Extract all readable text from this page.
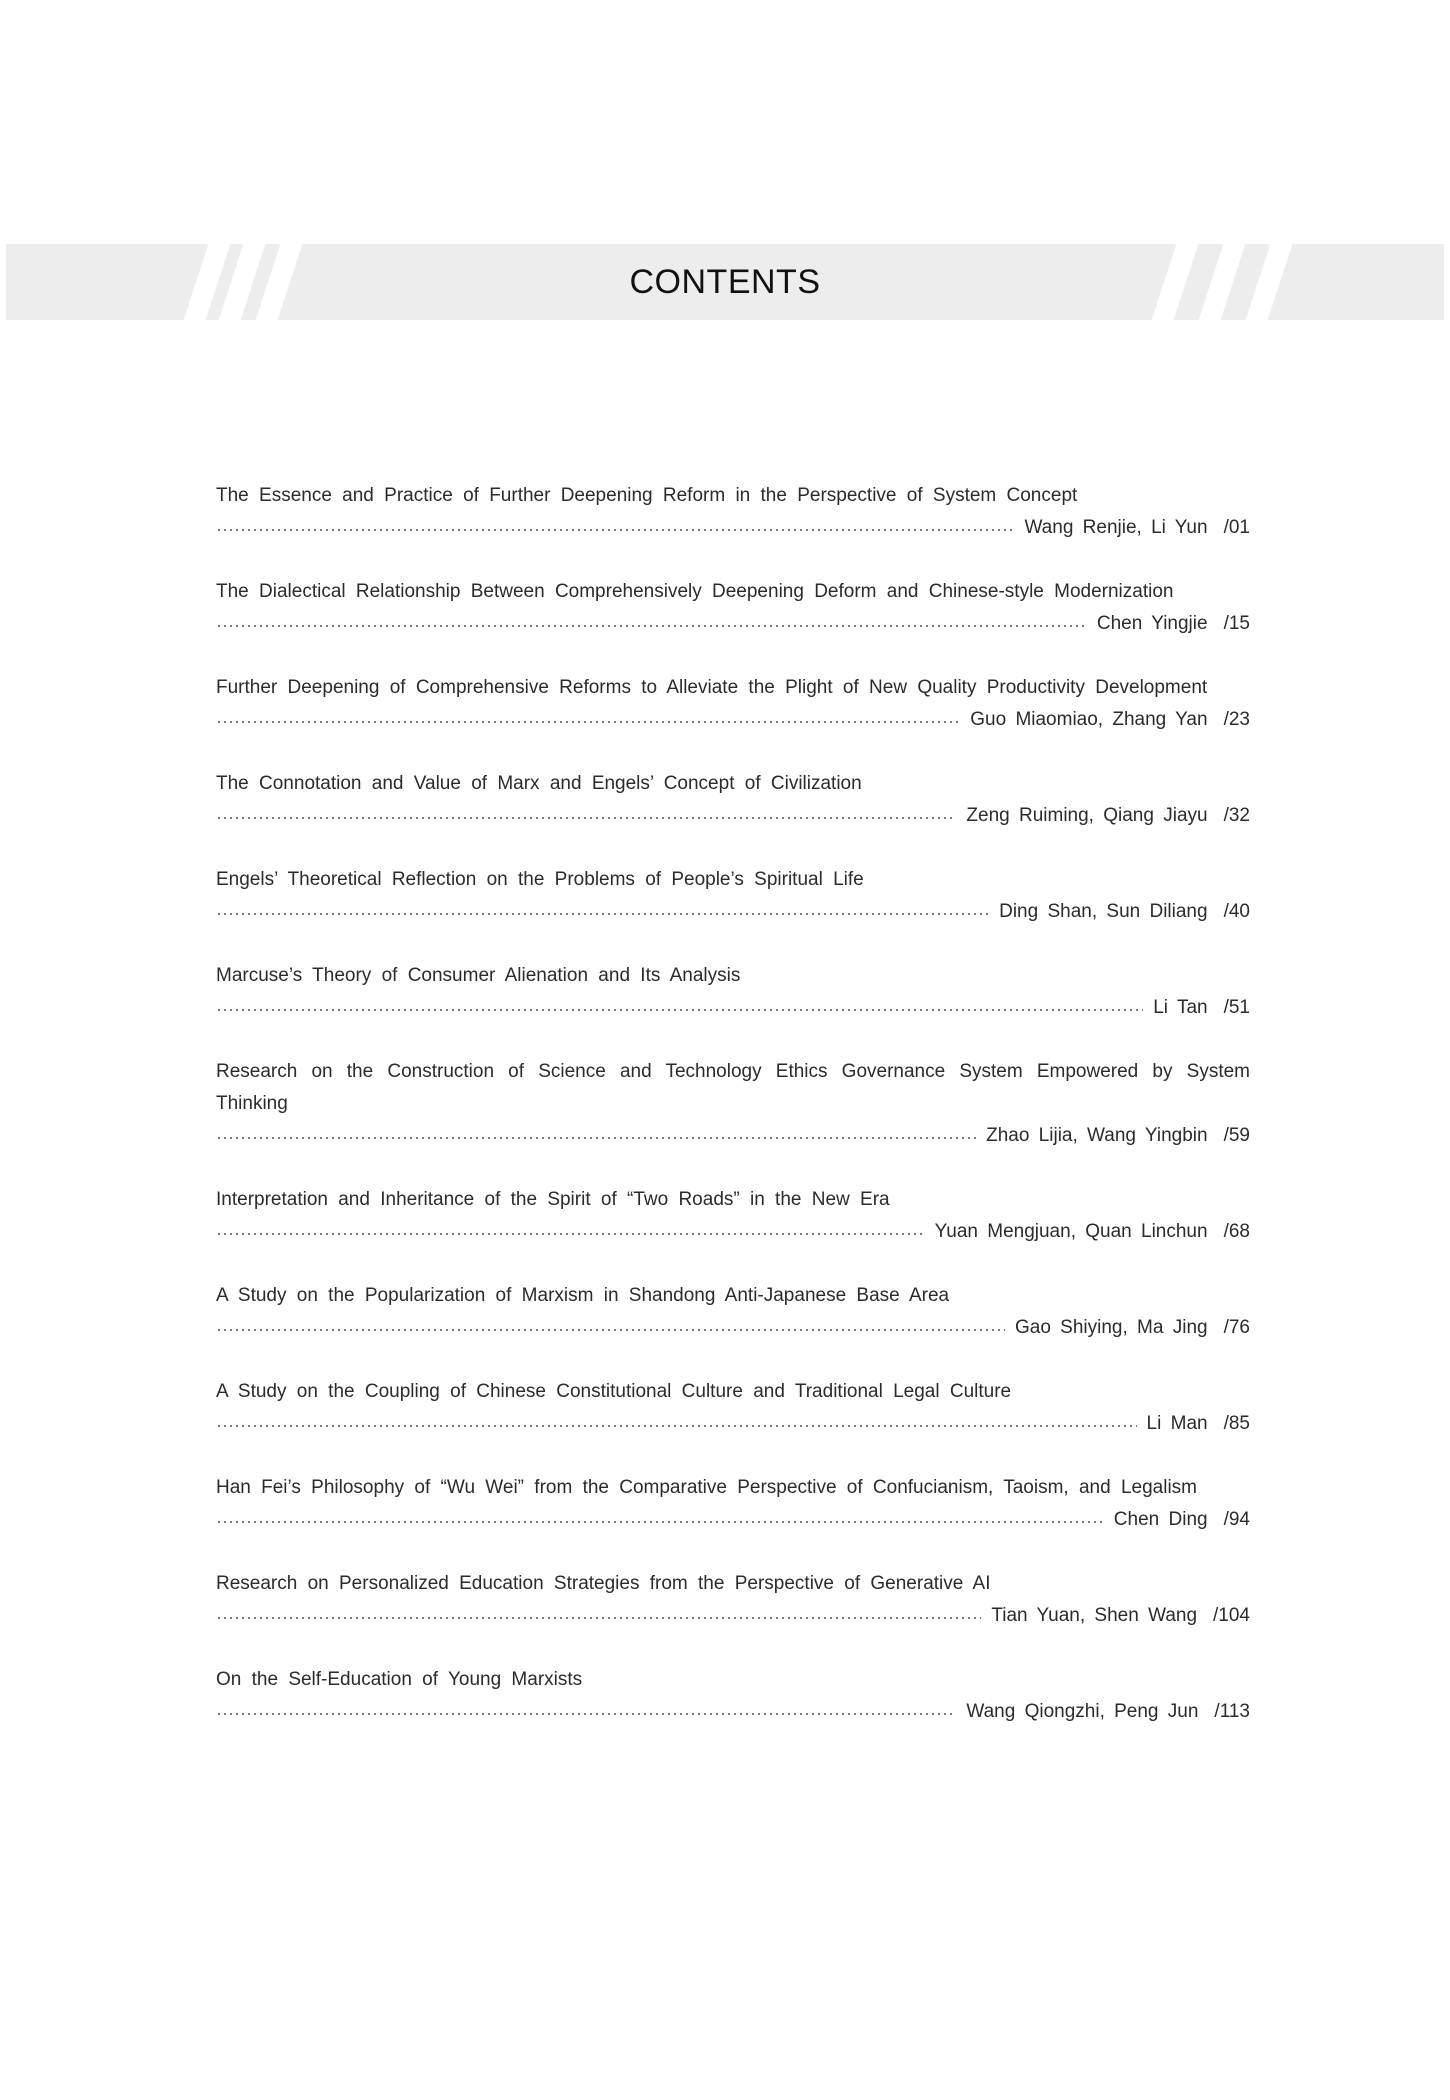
CONTENTS
The Essence and Practice of Further Deepening Reform in the Perspective of System Concept
Wang Renjie, Li Yun /01
The Dialectical Relationship Between Comprehensively Deepening Deform and Chinese-style Modernization
Chen Yingjie /15
Further Deepening of Comprehensive Reforms to Alleviate the Plight of New Quality Productivity Development
Guo Miaomiao, Zhang Yan /23
The Connotation and Value of Marx and Engels’ Concept of Civilization
Zeng Ruiming, Qiang Jiayu /32
Engels’ Theoretical Reflection on the Problems of People’s Spiritual Life
Ding Shan, Sun Diliang /40
Marcuse’s Theory of Consumer Alienation and Its Analysis
Li Tan /51
Research on the Construction of Science and Technology Ethics Governance System Empowered by System Thinking
Zhao Lijia, Wang Yingbin /59
Interpretation and Inheritance of the Spirit of “Two Roads” in the New Era
Yuan Mengjuan, Quan Linchun /68
A Study on the Popularization of Marxism in Shandong Anti-Japanese Base Area
Gao Shiying, Ma Jing /76
A Study on the Coupling of Chinese Constitutional Culture and Traditional Legal Culture
Li Man /85
Han Fei’s Philosophy of “Wu Wei” from the Comparative Perspective of Confucianism, Taoism, and Legalism
Chen Ding /94
Research on Personalized Education Strategies from the Perspective of Generative AI
Tian Yuan, Shen Wang /104
On the Self-Education of Young Marxists
Wang Qiongzhi, Peng Jun /113
